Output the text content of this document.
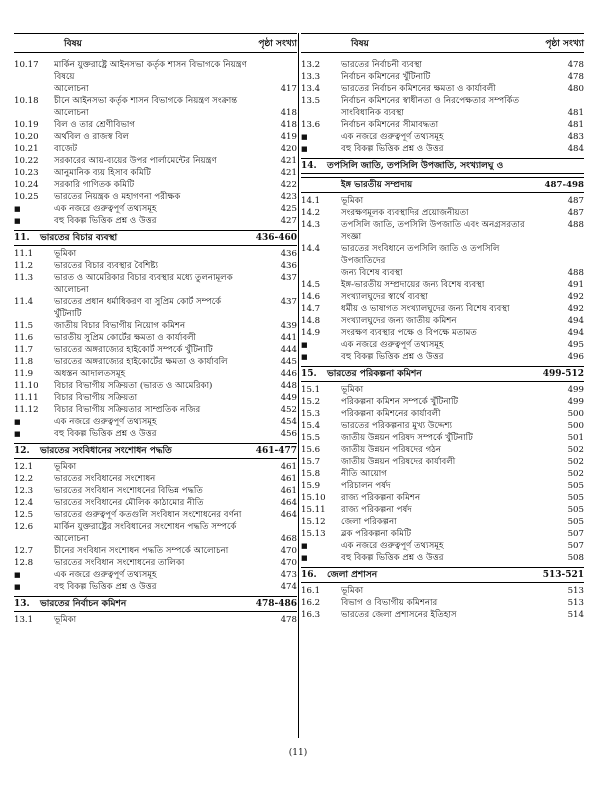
বিষয়	পৃষ্ঠা সংখ্যা
10.17	মার্কিন যুক্তরাষ্ট্রে আইনসভা কর্তৃক শাসন বিভাগকে নিয়ন্ত্রণ বিষয়ে
আলোচনা	417
10.18	চীনে আইনসভা কর্তৃক শাসন বিভাগকে নিয়ন্ত্রণ সংক্রান্ত
আলোচনা	418
10.19	বিল ও তার শ্রেণীবিভাগ	418
10.20	অর্থবিল ও রাজস্ব বিল	419
10.21	বাজেট	420
10.22	সরকারের আয়-ব্যয়ের উপর পার্লামেন্টের নিয়ন্ত্রণ	421
10.23	আনুমানিক ব্যয় হিসাব কমিটি	421
10.24	সরকারি গাণিতক কমিটি	422
10.25	ভারতের নিয়ন্ত্রক ও মহাগণনা পরীক্ষক	423
■	এক নজরে গুরুত্বপূর্ণ তথ্যসমূহ	425
■	বহু বিকল্প ভিত্তিক প্রশ্ন ও উত্তর	427
11.	ভারতের বিচার ব্যবস্থা	436-460
11.1	ভূমিকা	436
11.2	ভারতের বিচার ব্যবস্থার বৈশিষ্ট্য	436
11.3	ভারত ও আমেরিকার বিচার ব্যবস্থার মধ্যে তুলনামূলক আলোচনা
437
11.4	ভারতের প্রধান ধর্মাধিকরণ বা সুপ্রিম কোর্ট সম্পর্কে খুঁটিনাটি
437
11.5	জাতীয় বিচার বিভাগীয় নিয়োগ কমিশন	439
11.6	ভারতীয় সুপ্রিম কোর্টের ক্ষমতা ও কার্যাবলী	441
11.7	ভারতের অঙ্গরাজ্যের হাইকোর্ট সম্পর্কে খুঁটিনাটি	444
11.8	ভারতের অঙ্গরাজ্যের হাইকোর্টের ক্ষমতা ও কার্যাবলি	445
11.9	অধস্তন আদালতসমূহ	446
11.10	বিচার বিভাগীয় সক্রিয়তা (ভারত ও আমেরিকা)	448
11.11	বিচার বিভাগীয় সক্রিয়তা	449
11.12	বিচার বিভাগীয় সক্রিয়তার সাম্প্রতিক নজির	452
■	এক নজরে গুরুত্বপূর্ণ তথ্যসমূহ	454
■	বহু বিকল্প ভিত্তিক প্রশ্ন ও উত্তর	456
12.	ভারতের সংবিধানের সংশোধন পদ্ধতি	461-477
12.1	ভূমিকা	461
12.2	ভারতের সংবিধানের সংশোধন	461
12.3	ভারতের সংবিধান সংশোধনের বিভিন্ন পদ্ধতি	461
12.4	ভারতের সংবিধানের মৌলিক কাঠামোর নীতি	464
12.5	ভারতের গুরুত্বপূর্ণ কতগুলি সংবিধান সংশোধনের বর্ণনা	464
12.6	মার্কিন যুক্তরাষ্ট্রের সংবিধানের সংশোধন পদ্ধতি সম্পর্কে
আলোচনা	468
12.7	চীনের সংবিধান সংশোধন পদ্ধতি সম্পর্কে আলোচনা	470
12.8	ভারতের সংবিধান সংশোধনের তালিকা	470
■	এক নজরে গুরুত্বপূর্ণ তথ্যসমূহ	473
■	বহু বিকল্প ভিত্তিক প্রশ্ন ও উত্তর	474
13.	ভারতের নির্বাচন কমিশন	478-486
13.1	ভূমিকা	478
বিষয়	পৃষ্ঠা সংখ্যা
13.2	ভারতের নির্বাচনী ব্যবস্থা	478
13.3	নির্বাচন কমিশনের খুঁটিনাটি	478
13.4	ভারতের নির্বাচন কমিশনের ক্ষমতা ও কার্যাবলী	480
13.5	নির্বাচন কমিশনের স্বাধীনতা ও নিরপেক্ষতার সম্পর্কিত
সাংবিধানিক ব্যবস্থা	481
13.6	নির্বাচন কমিশনের সীমাবদ্ধতা	481
■	এক নজরে গুরুত্বপূর্ণ তথ্যসমূহ	483
■	বহু বিকল্প ভিত্তিক প্রশ্ন ও উত্তর	484
14.	তপসিলি জাতি, তপসিলি উপজাতি, সংখ্যালঘু ও
ইঙ্গ ভারতীয় সম্প্রদায়	487-498
14.1	ভূমিকা	487
14.2	সংরক্ষণমূলক ব্যবস্থাদির প্রয়োজনীয়তা	487
14.3	তপসিলি জাতি, তপসিলি উপজাতি এবং অনগ্রসরতার সংজ্ঞা
488
14.4	ভারতের সংবিধানে তপসিলি জাতি ও তপসিলি উপজাতিদের
জন্য বিশেষ ব্যবস্থা	488
14.5	ইঙ্গ-ভারতীয় সম্প্রদায়ের জন্য বিশেষ ব্যবস্থা	491
14.6	সংখ্যালঘুদের স্বার্থে ব্যবস্থা	492
14.7	ধর্মীয় ও ভাষাগত সংখ্যালঘুদের জন্য বিশেষ ব্যবস্থা	492
14.8	সংখ্যালঘুদের জন্য জাতীয় কমিশন	494
14.9	সংরক্ষণ ব্যবস্থার পক্ষে ও বিপক্ষে মতামত	494
■	এক নজরে গুরুত্বপূর্ণ তথ্যসমূহ	495
■	বহু বিকল্প ভিত্তিক প্রশ্ন ও উত্তর	496
15.	ভারতের পরিকল্পনা কমিশন	499-512
15.1	ভূমিকা	499
15.2	পরিকল্পনা কমিশন সম্পর্কে খুঁটিনাটি	499
15.3	পরিকল্পনা কমিশনের কার্যাবলী	500
15.4	ভারতের পরিকল্পনার মুখ্য উদ্দেশ্য	500
15.5	জাতীয় উন্নয়ন পরিষদ সম্পর্কে খুঁটিনাটি	501
15.6	জাতীয় উন্নয়ন পরিষদের গঠন	502
15.7	জাতীয় উন্নয়ন পরিষদের কার্যাবলী	502
15.8	নীতি আয়োগ	502
15.9	পরিচালন পর্ষদ	505
15.10	রাজ্য পরিকল্পনা কমিশন	505
15.11	রাজ্য পরিকল্পনা পর্ষদ	505
15.12	জেলা পরিকল্পনা	505
15.13	ব্লক পরিকল্পনা কমিটি	507
■	এক নজরে গুরুত্বপূর্ণ তথ্যসমূহ	507
■	বহু বিকল্প ভিত্তিক প্রশ্ন ও উত্তর	508
16.	জেলা প্রশাসন	513-521
16.1	ভূমিকা	513
16.2	বিভাগ ও বিভাগীয় কমিশনার	513
16.3	ভারতের জেলা প্রশাসনের ইতিহাস	514
(11)
